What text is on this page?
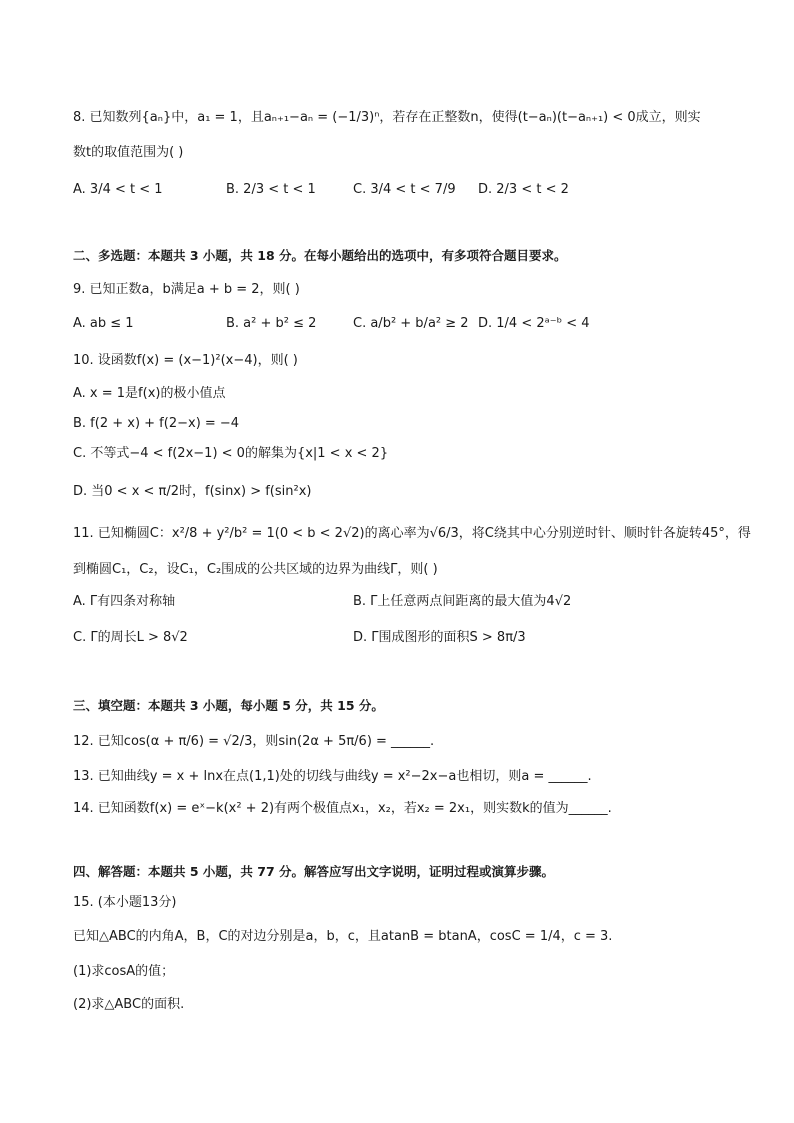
8. 已知数列{aₙ}中，a₁ = 1，且aₙ₊₁−aₙ = (−1/3)ⁿ，若存在正整数n，使得(t−aₙ)(t−aₙ₊₁) < 0成立，则实
数t的取值范围为( )
A. 3/4 < t < 1	B. 2/3 < t < 1	C. 3/4 < t < 7/9 D. 2/3 < t < 2
二、多选题：本题共 3 小题，共 18 分。在每小题给出的选项中，有多项符合题目要求。
9. 已知正数a，b满足a + b = 2，则( )
A. ab ≤ 1	B. a² + b² ≤ 2	C. a/b² + b/a² ≥ 2 D. 1/4 < 2ᵃ⁻ᵇ < 4
10. 设函数f(x) = (x−1)²(x−4)，则( )
A. x = 1是f(x)的极小值点
B. f(2 + x) + f(2−x) = −4
C. 不等式−4 < f(2x−1) < 0的解集为{x|1 < x < 2}
D. 当0 < x < π/2时，f(sinx) > f(sin²x)
11. 已知椭圆C：x²/8 + y²/b² = 1(0 < b < 2√2)的离心率为√6/3，将C绕其中心分别逆时针、顺时针各旋转45°，得
到椭圆C₁，C₂，设C₁，C₂围成的公共区域的边界为曲线Γ，则( )
A. Γ有四条对称轴	B. Γ上任意两点间距离的最大值为4√2
C. Γ的周长L > 8√2	D. Γ围成图形的面积S > 8π/3
三、填空题：本题共 3 小题，每小题 5 分，共 15 分。
12. 已知cos(α + π/6) = √2/3，则sin(2α + 5π/6) = ______.
13. 已知曲线y = x + lnx在点(1,1)处的切线与曲线y = x²−2x−a也相切，则a = ______.
14. 已知函数f(x) = eˣ−k(x² + 2)有两个极值点x₁，x₂，若x₂ = 2x₁，则实数k的值为______.
四、解答题：本题共 5 小题，共 77 分。解答应写出文字说明，证明过程或演算步骤。
15. (本小题13分)
已知△ABC的内角A，B，C的对边分别是a，b，c，且atanB = btanA，cosC = 1/4，c = 3.
(1)求cosA的值；
(2)求△ABC的面积.
